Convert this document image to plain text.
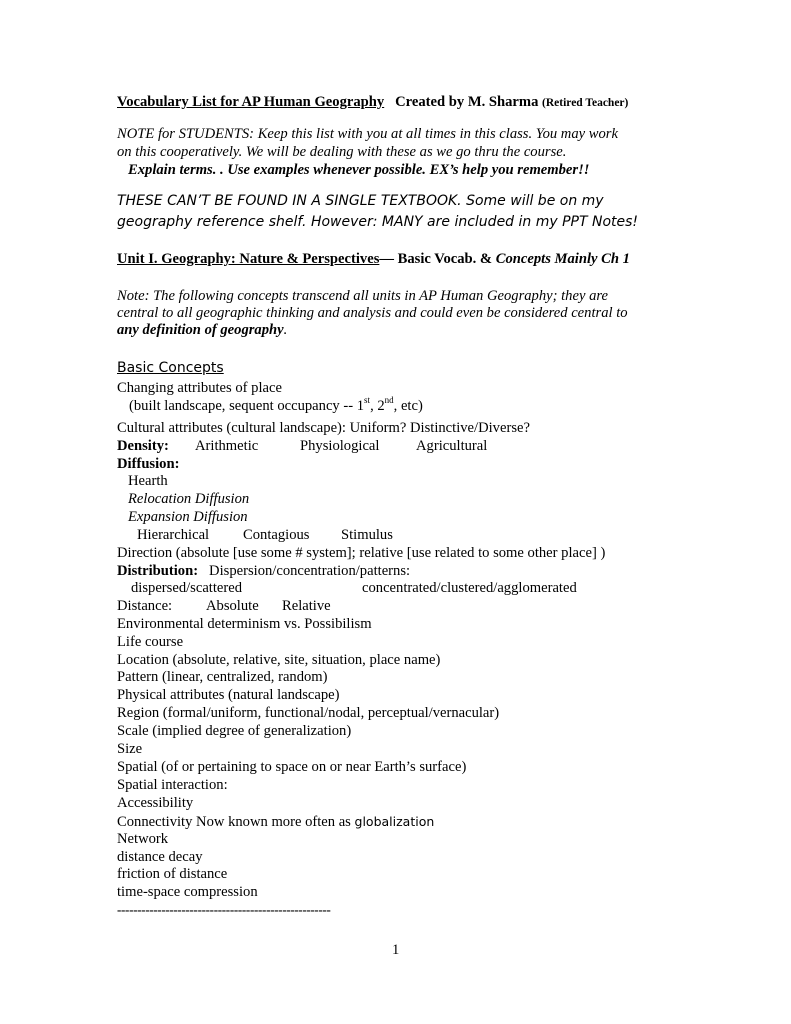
Vocabulary List for AP Human Geography Created by M. Sharma (Retired Teacher)
NOTE for STUDENTS: Keep this list with you at all times in this class. You may work
on this cooperatively. We will be dealing with these as we go thru the course.
Explain terms. . Use examples whenever possible. EX’s help you remember!!
THESE CAN’T BE FOUND IN A SINGLE TEXTBOOK. Some will be on my
geography reference shelf. However: MANY are included in my PPT Notes!
Unit I. Geography: Nature & Perspectives— Basic Vocab. & Concepts Mainly Ch 1
Note: The following concepts transcend all units in AP Human Geography; they are
central to all geographic thinking and analysis and could even be considered central to
any definition of geography.
Basic Concepts
Changing attributes of place
(built landscape, sequent occupancy -- 1st, 2nd, etc)
Cultural attributes (cultural landscape): Uniform? Distinctive/Diverse?
Density: Arithmetic	Physiological	Agricultural
Diffusion:
Hearth
Relocation Diffusion
Expansion Diffusion
Hierarchical Contagious Stimulus
Direction (absolute [use some # system]; relative [use related to some other place] )
Distribution: Dispersion/concentration/patterns:
dispersed/scattered	concentrated/clustered/agglomerated
Distance: Absolute Relative
Environmental determinism vs. Possibilism
Life course
Location (absolute, relative, site, situation, place name)
Pattern (linear, centralized, random)
Physical attributes (natural landscape)
Region (formal/uniform, functional/nodal, perceptual/vernacular)
Scale (implied degree of generalization)
Size
Spatial (of or pertaining to space on or near Earth’s surface)
Spatial interaction:
Accessibility
Connectivity Now known more often as globalization
Network
distance decay
friction of distance
time-space compression
-----------------------------------------------------
1
